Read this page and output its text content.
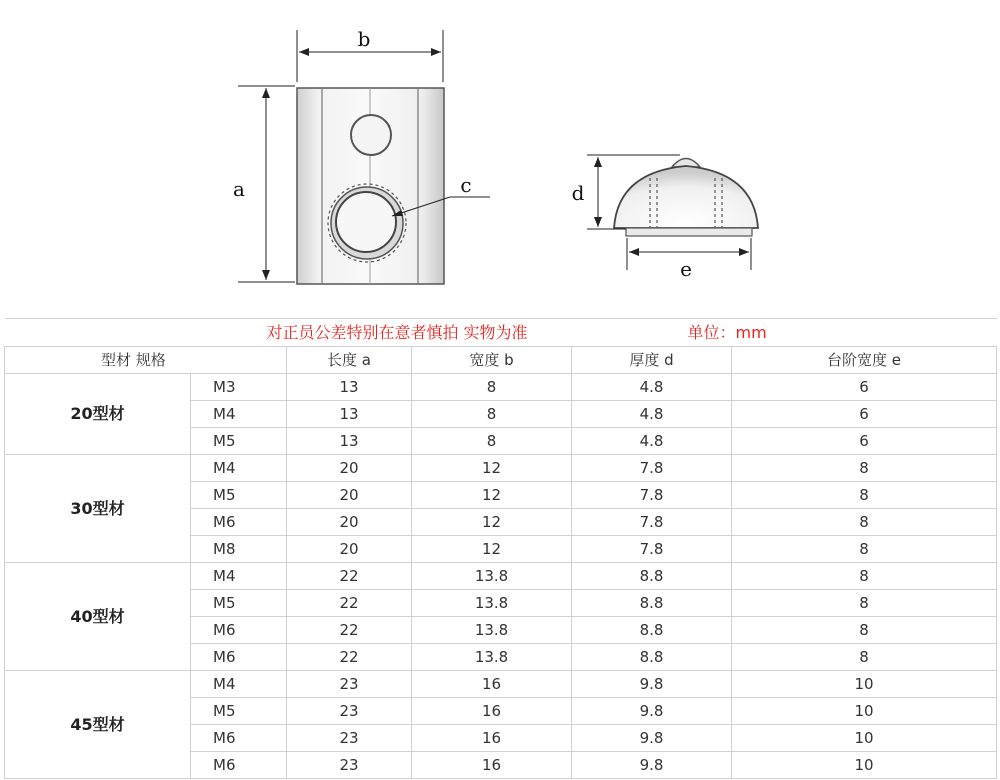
b
a	c	d
e
对正员公差特别在意者慎拍 实物为准				单位：mm	
型材 规格		长度 a	宽度 b	厚度 d	台阶宽度 e
20型材	M3	13	8	4.8	6
	M4	13	8	4.8	6
	M5	13	8	4.8	6
30型材	M4	20	12	7.8	8
	M5	20	12	7.8	8
	M6	20	12	7.8	8
	M8	20	12	7.8	8
40型材	M4	22	13.8	8.8	8
	M5	22	13.8	8.8	8
	M6	22	13.8	8.8	8
	M6	22	13.8	8.8	8
45型材	M4	23	16	9.8	10
	M5	23	16	9.8	10
	M6	23	16	9.8	10
	M6	23	16	9.8	10
